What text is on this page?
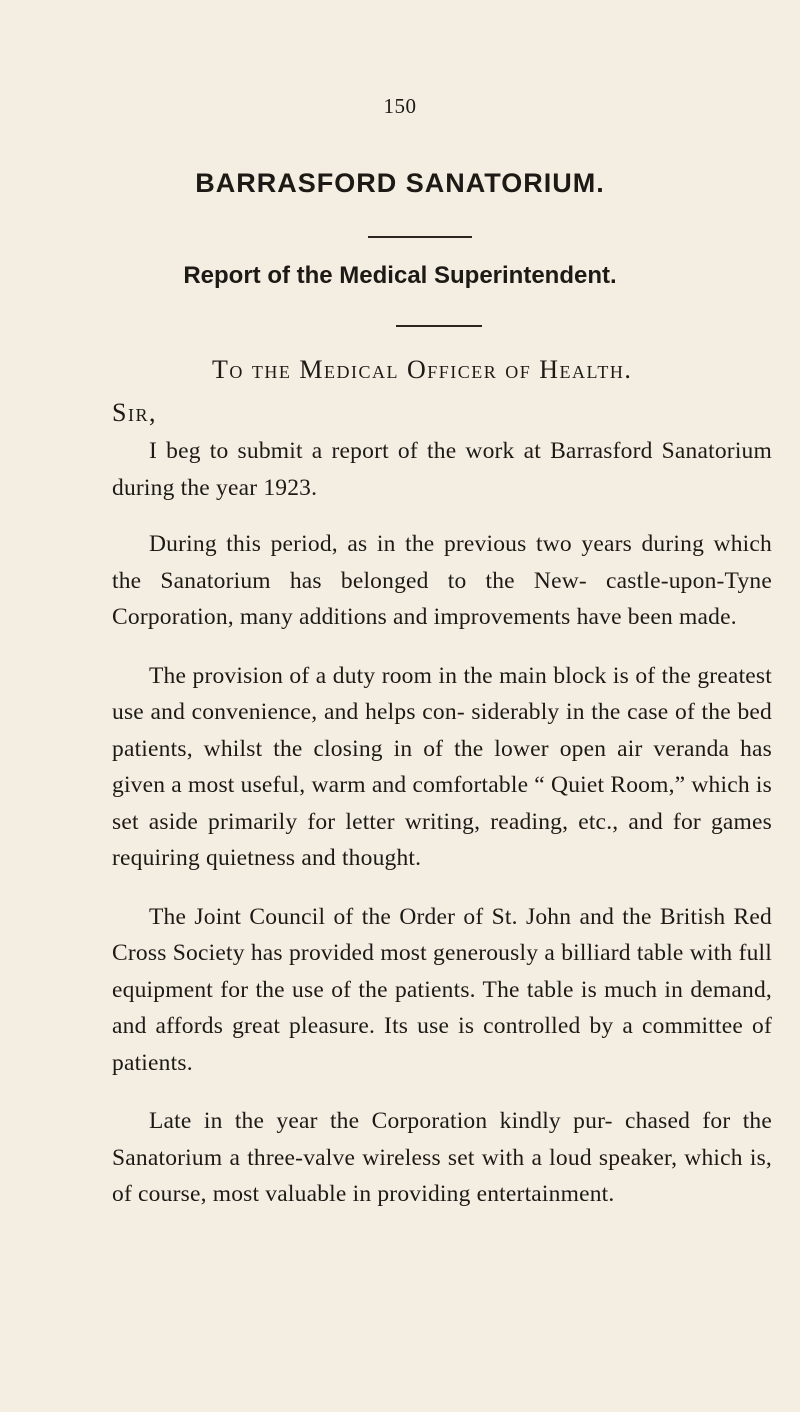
150
BARRASFORD SANATORIUM.
Report of the Medical Superintendent.
To the Medical Officer of Health.
Sir,

I beg to submit a report of the work at Barrasford Sanatorium during the year 1923.

During this period, as in the previous two years during which the Sanatorium has belonged to the New- castle-upon-Tyne Corporation, many additions and improvements have been made.

The provision of a duty room in the main block is of the greatest use and convenience, and helps con- siderably in the case of the bed patients, whilst the closing in of the lower open air veranda has given a most useful, warm and comfortable “ Quiet Room,” which is set aside primarily for letter writing, reading, etc., and for games requiring quietness and thought.

The Joint Council of the Order of St. John and the British Red Cross Society has provided most generously a billiard table with full equipment for the use of the patients. The table is much in demand, and affords great pleasure. Its use is controlled by a committee of patients.

Late in the year the Corporation kindly pur- chased for the Sanatorium a three-valve wireless set with a loud speaker, which is, of course, most valuable in providing entertainment.
